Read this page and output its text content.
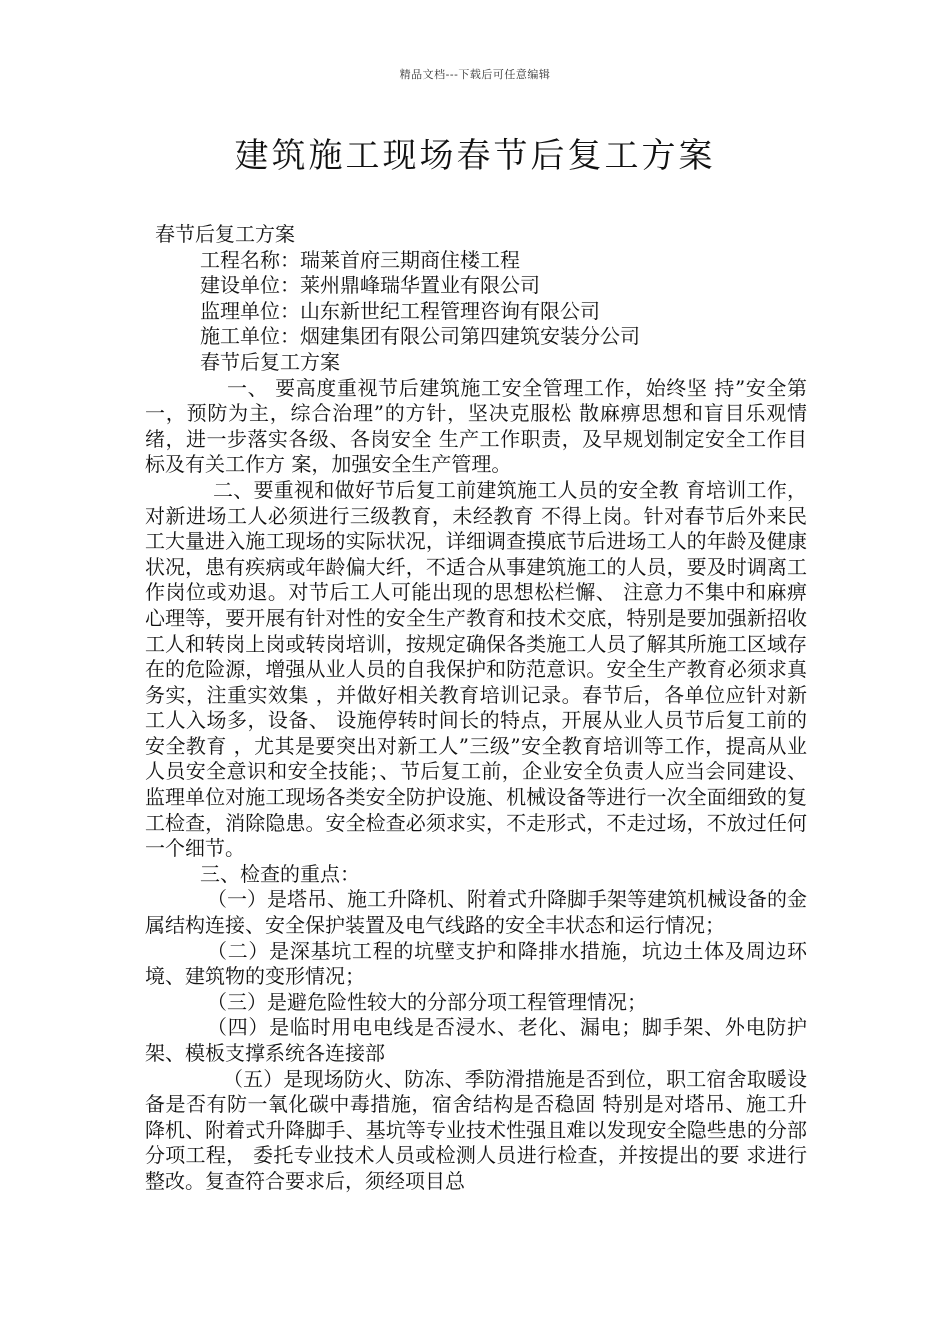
精品文档---下载后可任意编辑
建筑施工现场春节后复工方案

春节后复工方案

工程名称：瑞莱首府三期商住楼工程

建设单位：莱州鼎峰瑞华置业有限公司

监理单位：山东新世纪工程管理咨询有限公司

施工单位：烟建集团有限公司第四建筑安装分公司

春节后复工方案

一、 要高度重视节后建筑施工安全管理工作，始终坚 持”安全第一，预防为主，综合治理”的方针，坚决克服松 散麻痹思想和盲目乐观情绪，进一步落实各级、各岗安全 生产工作职责，及早规划制定安全工作目标及有关工作方 案，加强安全生产管理。

二、要重视和做好节后复工前建筑施工人员的安全教 育培训工作，对新进场工人必须进行三级教育，未经教育 不得上岗。针对春节后外来民工大量进入施工现场的实际状况，详细调查摸底节后进场工人的年龄及健康状况，患有疾病或年龄偏大纤，不适合从事建筑施工的人员，要及时调离工作岗位或劝退。对节后工人可能出现的思想松栏懈、 注意力不集中和麻痹心理等，要开展有针对性的安全生产教育和技术交底，特别是要加强新招收工人和转岗上岗或转岗培训，按规定确保各类施工人员了解其所施工区域存在的危险源，增强从业人员的自我保护和防范意识。安全生产教育必须求真务实，注重实效集 ，并做好相关教育培训记录。春节后，各单位应针对新工人入场多，设备、 设施停转时间长的特点，开展从业人员节后复工前的安全教育 ，尤其是要突出对新工人”三级”安全教育培训等工作，提高从业人员安全意识和安全技能；、节后复工前，企业安全负责人应当会同建设、监理单位对施工现场各类安全防护设施、机械设备等进行一次全面细致的复工检查，消除隐患。安全检查必须求实，不走形式，不走过场，不放过任何一个细节。

三、检查的重点：

（一）是塔吊、施工升降机、附着式升降脚手架等建筑机械设备的金属结构连接、安全保护装置及电气线路的安全丰状态和运行情况；

（二）是深基坑工程的坑壁支护和降排水措施，坑边土体及周边环境、建筑物的变形情况；

（三）是避危险性较大的分部分项工程管理情况；

（四）是临时用电电线是否浸水、老化、漏电；脚手架、外电防护架、模板支撑系统各连接部

（五）是现场防火、防冻、季防滑措施是否到位，职工宿舍取暖设备是否有防一氧化碳中毒措施，宿舍结构是否稳固 特别是对塔吊、施工升降机、附着式升降脚手、基坑等专业技术性强且难以发现安全隐些患的分部分项工程， 委托专业技术人员或检测人员进行检查，并按提出的要 求进行整改。复查符合要求后，须经项目总
